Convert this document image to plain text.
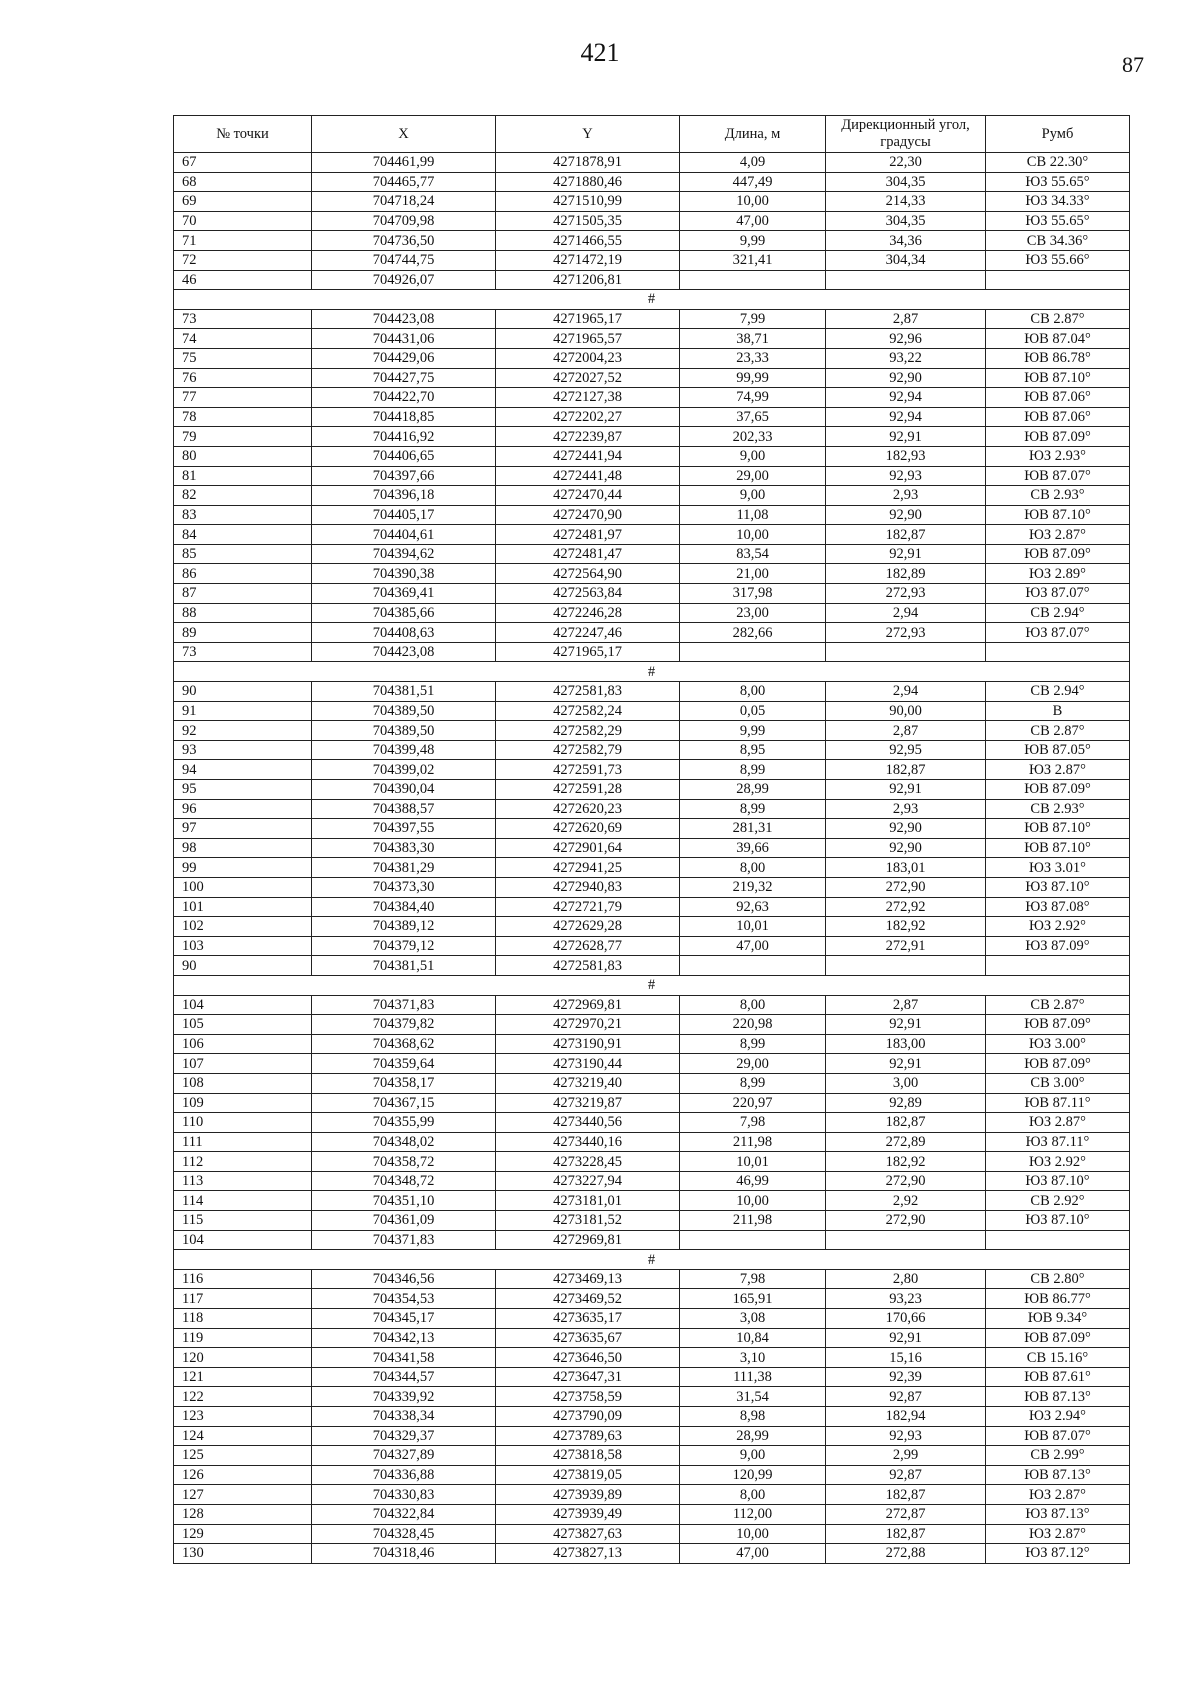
421	87
№ точки	X	Y	Длина, м	Дирекционный угол, градусы	Румб
67	704461,99	4271878,91	4,09	22,30	СВ 22.30°
68	704465,77	4271880,46	447,49	304,35	ЮЗ 55.65°
69	704718,24	4271510,99	10,00	214,33	ЮЗ 34.33°
70	704709,98	4271505,35	47,00	304,35	ЮЗ 55.65°
71	704736,50	4271466,55	9,99	34,36	СВ 34.36°
72	704744,75	4271472,19	321,41	304,34	ЮЗ 55.66°
46	704926,07	4271206,81			
#					
73	704423,08	4271965,17	7,99	2,87	СВ 2.87°
74	704431,06	4271965,57	38,71	92,96	ЮВ 87.04°
75	704429,06	4272004,23	23,33	93,22	ЮВ 86.78°
76	704427,75	4272027,52	99,99	92,90	ЮВ 87.10°
77	704422,70	4272127,38	74,99	92,94	ЮВ 87.06°
78	704418,85	4272202,27	37,65	92,94	ЮВ 87.06°
79	704416,92	4272239,87	202,33	92,91	ЮВ 87.09°
80	704406,65	4272441,94	9,00	182,93	ЮЗ 2.93°
81	704397,66	4272441,48	29,00	92,93	ЮВ 87.07°
82	704396,18	4272470,44	9,00	2,93	СВ 2.93°
83	704405,17	4272470,90	11,08	92,90	ЮВ 87.10°
84	704404,61	4272481,97	10,00	182,87	ЮЗ 2.87°
85	704394,62	4272481,47	83,54	92,91	ЮВ 87.09°
86	704390,38	4272564,90	21,00	182,89	ЮЗ 2.89°
87	704369,41	4272563,84	317,98	272,93	ЮЗ 87.07°
88	704385,66	4272246,28	23,00	2,94	СВ 2.94°
89	704408,63	4272247,46	282,66	272,93	ЮЗ 87.07°
73	704423,08	4271965,17			
#					
90	704381,51	4272581,83	8,00	2,94	СВ 2.94°
91	704389,50	4272582,24	0,05	90,00	В
92	704389,50	4272582,29	9,99	2,87	СВ 2.87°
93	704399,48	4272582,79	8,95	92,95	ЮВ 87.05°
94	704399,02	4272591,73	8,99	182,87	ЮЗ 2.87°
95	704390,04	4272591,28	28,99	92,91	ЮВ 87.09°
96	704388,57	4272620,23	8,99	2,93	СВ 2.93°
97	704397,55	4272620,69	281,31	92,90	ЮВ 87.10°
98	704383,30	4272901,64	39,66	92,90	ЮВ 87.10°
99	704381,29	4272941,25	8,00	183,01	ЮЗ 3.01°
100	704373,30	4272940,83	219,32	272,90	ЮЗ 87.10°
101	704384,40	4272721,79	92,63	272,92	ЮЗ 87.08°
102	704389,12	4272629,28	10,01	182,92	ЮЗ 2.92°
103	704379,12	4272628,77	47,00	272,91	ЮЗ 87.09°
90	704381,51	4272581,83			
#					
104	704371,83	4272969,81	8,00	2,87	СВ 2.87°
105	704379,82	4272970,21	220,98	92,91	ЮВ 87.09°
106	704368,62	4273190,91	8,99	183,00	ЮЗ 3.00°
107	704359,64	4273190,44	29,00	92,91	ЮВ 87.09°
108	704358,17	4273219,40	8,99	3,00	СВ 3.00°
109	704367,15	4273219,87	220,97	92,89	ЮВ 87.11°
110	704355,99	4273440,56	7,98	182,87	ЮЗ 2.87°
111	704348,02	4273440,16	211,98	272,89	ЮЗ 87.11°
112	704358,72	4273228,45	10,01	182,92	ЮЗ 2.92°
113	704348,72	4273227,94	46,99	272,90	ЮЗ 87.10°
114	704351,10	4273181,01	10,00	2,92	СВ 2.92°
115	704361,09	4273181,52	211,98	272,90	ЮЗ 87.10°
104	704371,83	4272969,81			
#					
116	704346,56	4273469,13	7,98	2,80	СВ 2.80°
117	704354,53	4273469,52	165,91	93,23	ЮВ 86.77°
118	704345,17	4273635,17	3,08	170,66	ЮВ 9.34°
119	704342,13	4273635,67	10,84	92,91	ЮВ 87.09°
120	704341,58	4273646,50	3,10	15,16	СВ 15.16°
121	704344,57	4273647,31	111,38	92,39	ЮВ 87.61°
122	704339,92	4273758,59	31,54	92,87	ЮВ 87.13°
123	704338,34	4273790,09	8,98	182,94	ЮЗ 2.94°
124	704329,37	4273789,63	28,99	92,93	ЮВ 87.07°
125	704327,89	4273818,58	9,00	2,99	СВ 2.99°
126	704336,88	4273819,05	120,99	92,87	ЮВ 87.13°
127	704330,83	4273939,89	8,00	182,87	ЮЗ 2.87°
128	704322,84	4273939,49	112,00	272,87	ЮЗ 87.13°
129	704328,45	4273827,63	10,00	182,87	ЮЗ 2.87°
130	704318,46	4273827,13	47,00	272,88	ЮЗ 87.12°
